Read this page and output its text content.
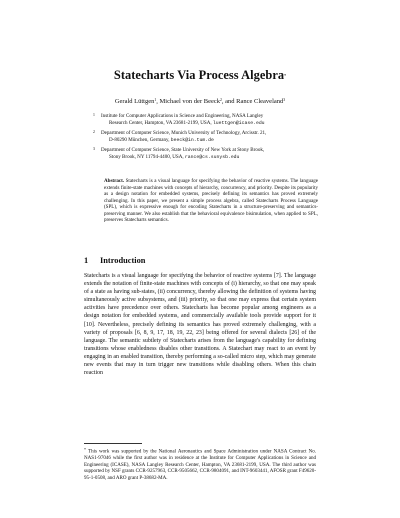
Statecharts Via Process Algebra*
Gerald Lüttgen$^1$, Michael von der Beeck$^2$, and Rance Cleaveland$^3$
1 Institute for Computer Applications in Science and Engineering, NASA Langley
Research Center, Hampton, VA 23681-2199, USA, luettgen@icase.edu
2 Department of Computer Science, Munich University of Technology, Arcisstr. 21,
D-80290 München, Germany, beeck@in.tum.de
3 Department of Computer Science, State University of New York at Stony Brook,
Stony Brook, NY 11794-4400, USA, rance@cs.sunysb.edu
Abstract. Statecharts is a visual language for specifying the behavior of reactive systems. The language extends finite-state machines with concepts of hierarchy, concurrency, and priority. Despite its popularity as a design notation for embedded systems, precisely defining its semantics has proved extremely challenging. In this paper, we present a simple process algebra, called Statecharts Process Language (SPL), which is expressive enough for encoding Statecharts in a structure-preserving and semantics-preserving manner. We also establish that the behavioral equivalence bisimulation, when applied to SPL, preserves Statecharts semantics.
1 Introduction
Statecharts is a visual language for specifying the behavior of reactive systems [7]. The language extends the notation of finite-state machines with concepts of (i) hierarchy, so that one may speak of a state as having sub-states, (ii) concurrency, thereby allowing the definition of systems having simultaneously active subsystems, and (iii) priority, so that one may express that certain system activities have precedence over others. Statecharts has become popular among engineers as a design notation for embedded systems, and commercially available tools provide support for it [10]. Nevertheless, precisely defining its semantics has proved extremely challenging, with a variety of proposals [6, 8, 9, 17, 18, 19, 22, 23] being offered for several dialects [26] of the language. The semantic subtlety of Statecharts arises from the language's capability for defining transitions whose enabledness disables other transitions. A Statechart may react to an event by engaging in an enabled transition, thereby performing a so-called micro step, which may generate new events that may in turn trigger new transitions while disabling others. When this chain reaction
* This work was supported by the National Aeronautics and Space Administration under NASA Contract No. NAS1-97046 while the first author was in residence at the Institute for Computer Applications in Science and Engineering (ICASE), NASA Langley Research Center, Hampton, VA 23681-2199, USA. The third author was supported by NSF grants CCR-9257963, CCR-9505662, CCR-9804091, and INT-9603441, AFOSR grant F49620-95-1-0508, and ARO grant P-38682-MA.
